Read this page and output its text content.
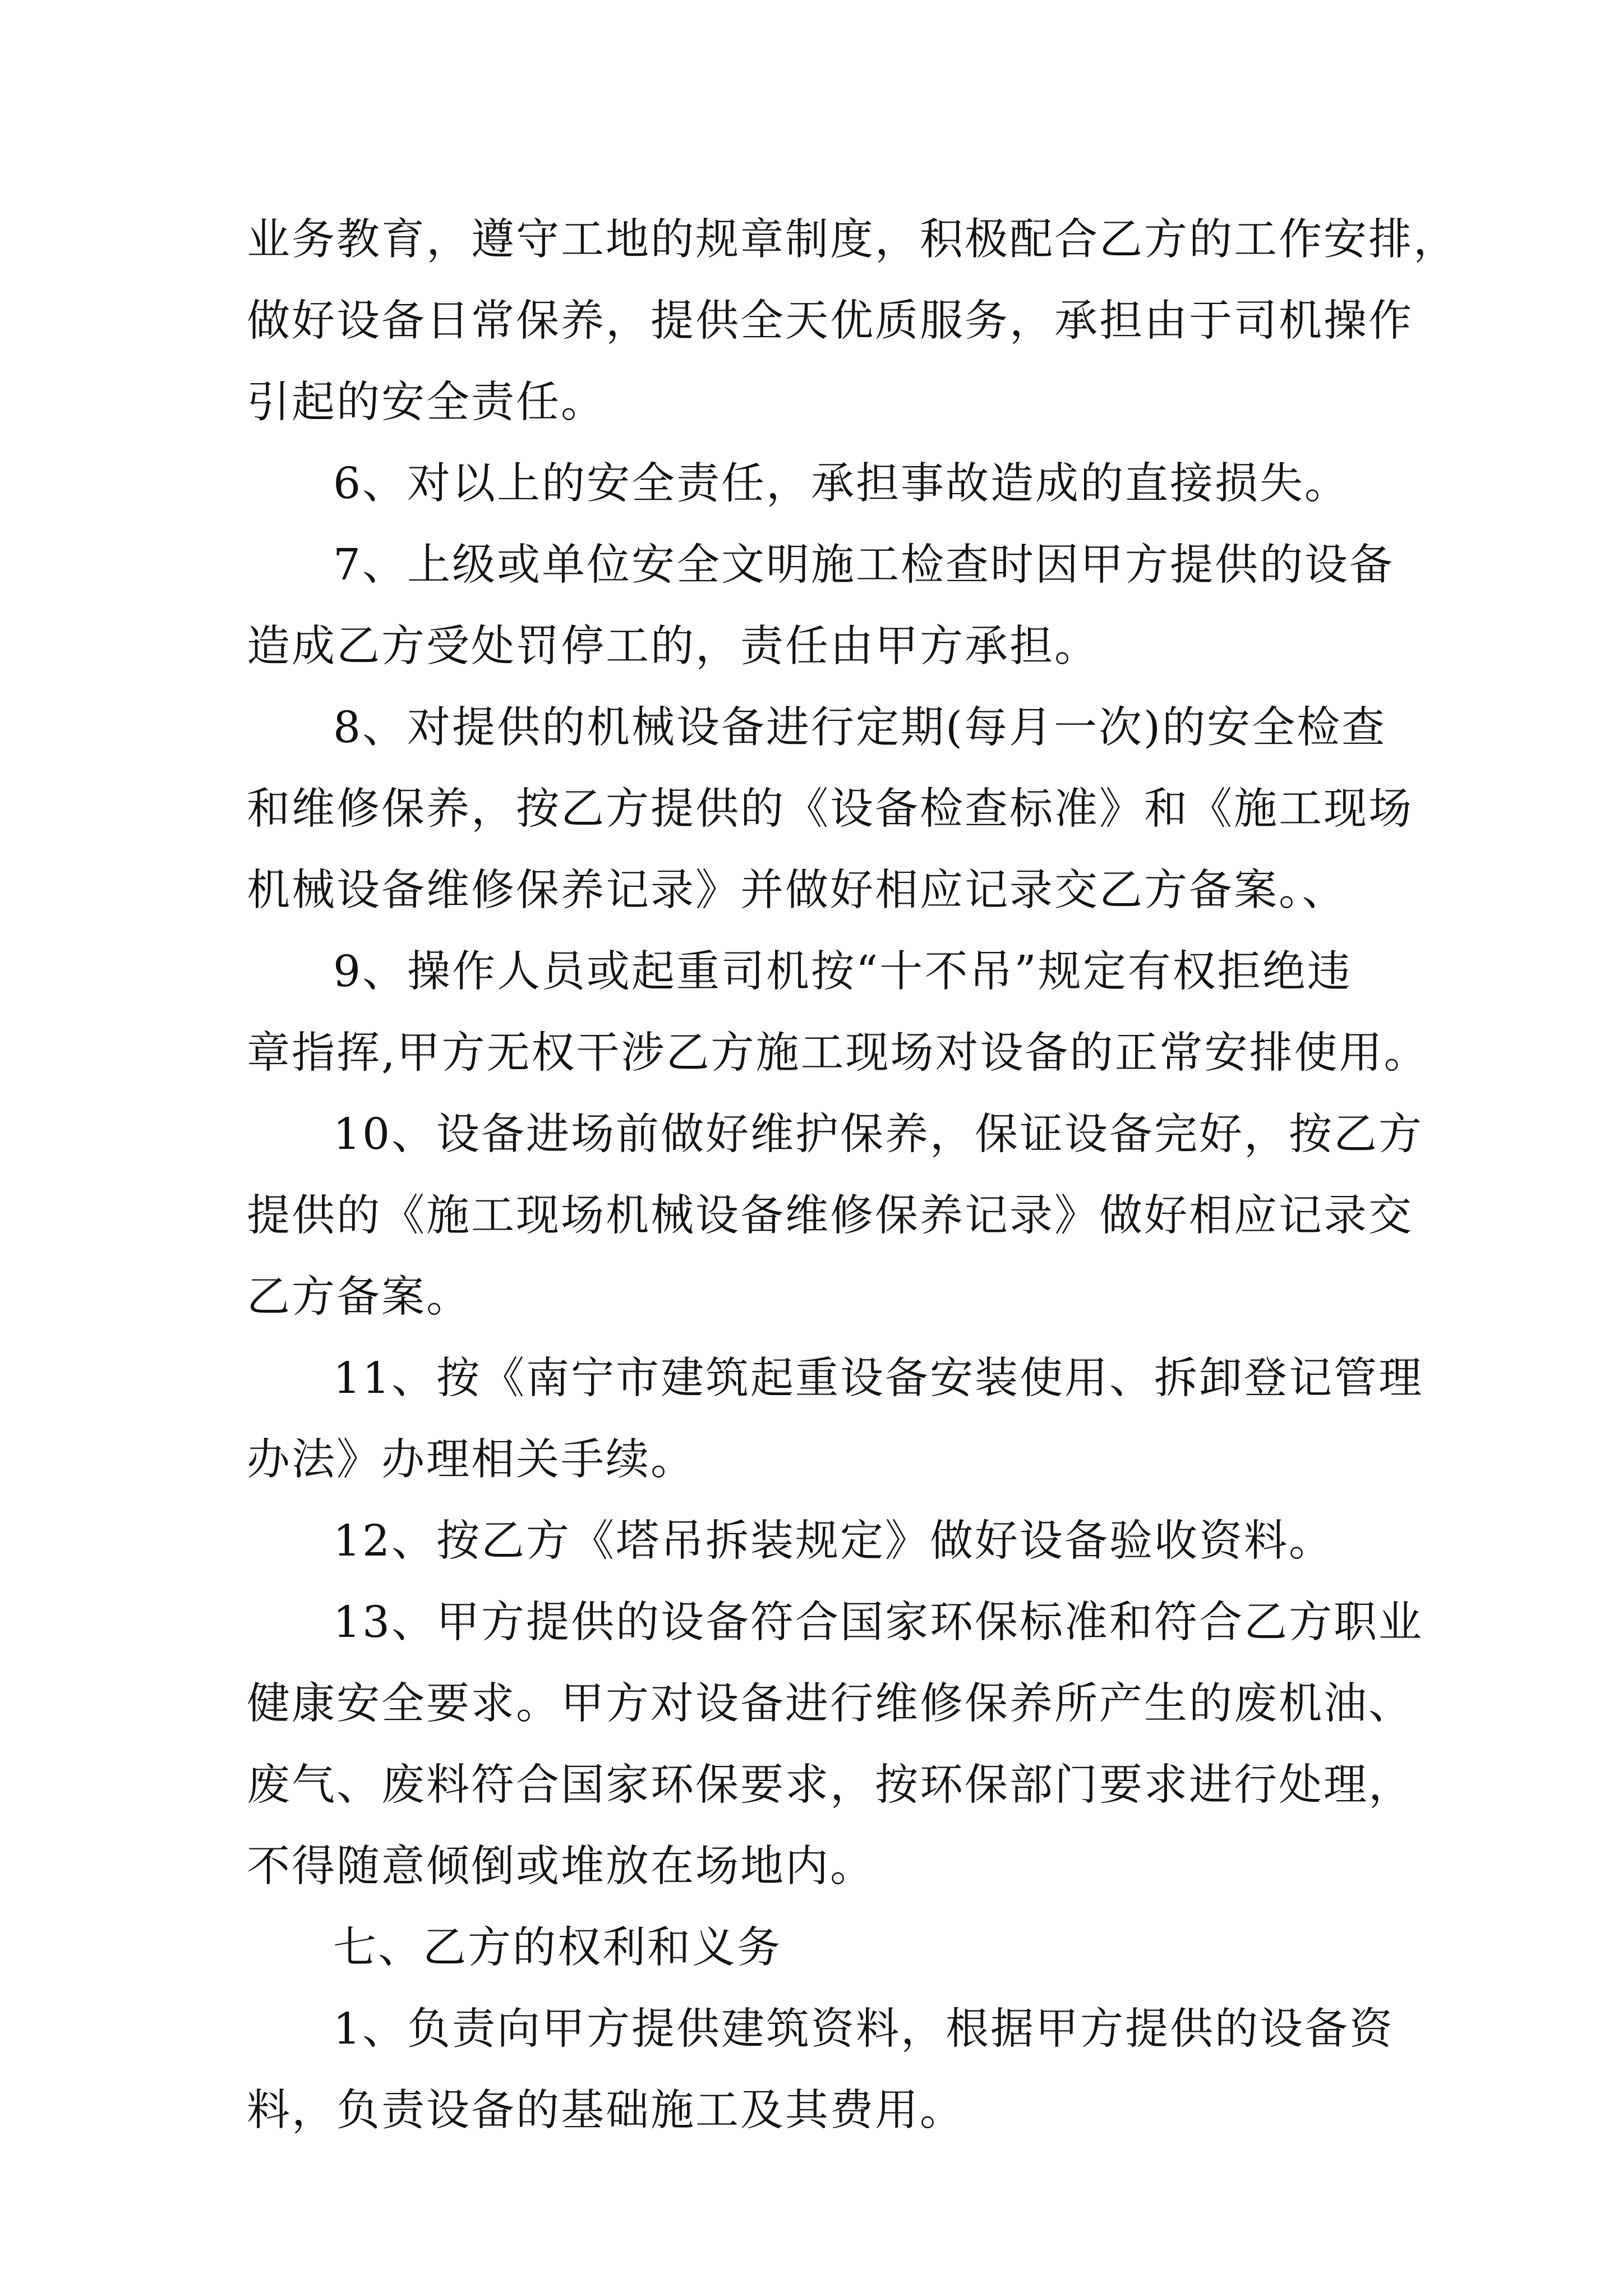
业务教育，遵守工地的规章制度，积极配合乙方的工作安排，
做好设备日常保养，提供全天优质服务，承担由于司机操作
引起的安全责任。

6、对以上的安全责任，承担事故造成的直接损失。

7、上级或单位安全文明施工检查时因甲方提供的设备
造成乙方受处罚停工的，责任由甲方承担。

8、对提供的机械设备进行定期(每月一次)的安全检查
和维修保养，按乙方提供的《设备检查标准》和《施工现场
机械设备维修保养记录》并做好相应记录交乙方备案。、

9、操作人员或起重司机按“十不吊”规定有权拒绝违
章指挥,甲方无权干涉乙方施工现场对设备的正常安排使用。

10、设备进场前做好维护保养，保证设备完好，按乙方
提供的《施工现场机械设备维修保养记录》做好相应记录交
乙方备案。

11、按《南宁市建筑起重设备安装使用、拆卸登记管理
办法》办理相关手续。

12、按乙方《塔吊拆装规定》做好设备验收资料。

13、甲方提供的设备符合国家环保标准和符合乙方职业
健康安全要求。甲方对设备进行维修保养所产生的废机油、
废气、废料符合国家环保要求，按环保部门要求进行处理，
不得随意倾倒或堆放在场地内。

七、乙方的权利和义务

1、负责向甲方提供建筑资料，根据甲方提供的设备资
料，负责设备的基础施工及其费用。
